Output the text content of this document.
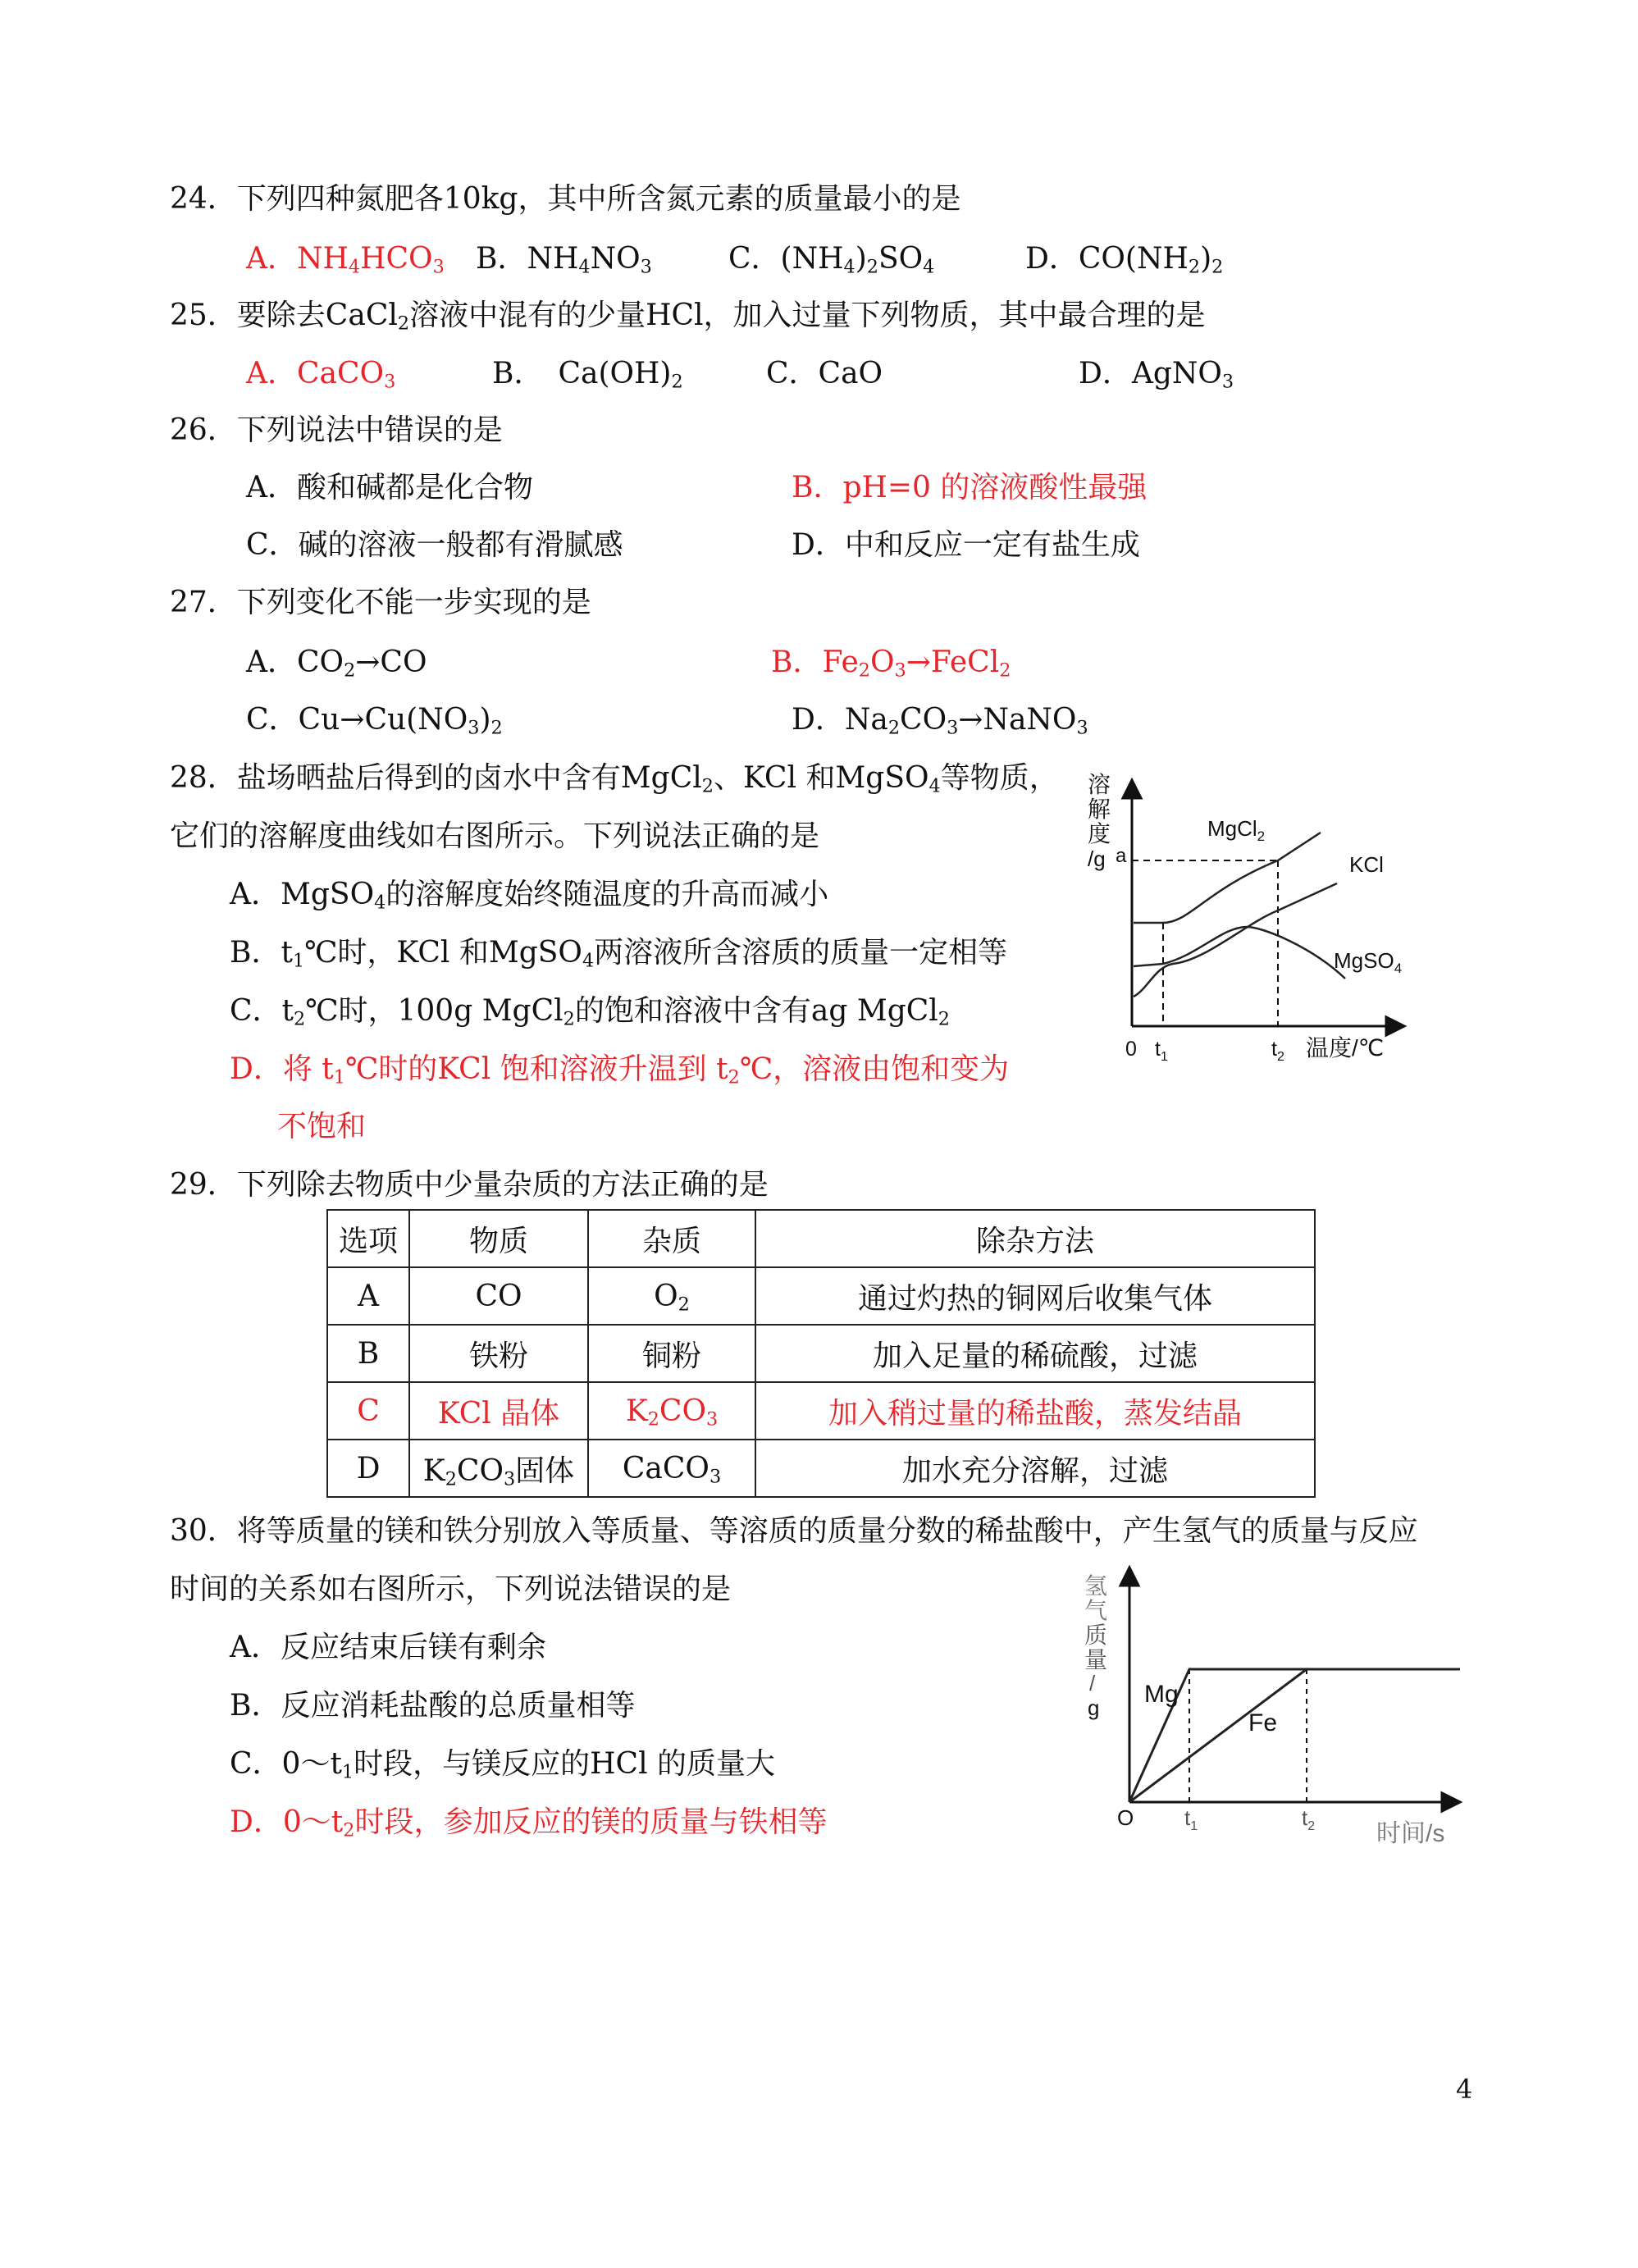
24．下列四种氮肥各10kg，其中所含氮元素的质量最小的是
A．$NH_4HCO_3$ B．$NH_4NO_3$	C．$(NH_4)_2SO_4$	D．$CO(NH_2)_2$
25．要除去CaCl$_2$溶液中混有的少量HCl，加入过量下列物质，其中最合理的是
A．CaCO$_3$	B．　$Ca(OH)_2$	C．CaO	D．AgNO$_3$
26．下列说法中错误的是
A．酸和碱都是化合物	B．pH=0 的溶液酸性最强
C．碱的溶液一般都有滑腻感	D．中和反应一定有盐生成
27．下列变化不能一步实现的是
A．$CO_2\to CO$	B．$Fe_2O_3\to FeCl_2$
C．$Cu\to Cu(NO_3)_2$	D．$Na_2CO_3\to NaNO_3$
28．盐场晒盐后得到的卤水中含有MgCl$_2$、KCl 和MgSO$_4$等物质，
它们的溶解度曲线如右图所示。下列说法正确的是
A．MgSO$_4$的溶解度始终随温度的升高而减小
B．$t_1℃$时，KCl 和MgSO$_4$两溶液所含溶质的质量一定相等
C．$t_2℃$时，100g MgCl$_2$的饱和溶液中含有ag MgCl$_2$
D．将 $t_1℃$时的KCl 饱和溶液升温到 $t_2℃$，溶液由饱和变为
不饱和
溶
解
度
/g a
MgCl$_2$
KCl
MgSO$_4$
0 $t_1$	$t_2$ 温度/℃
29．下列除去物质中少量杂质的方法正确的是
选项	物质	杂质	除杂方法
A	CO	$O_2$	通过灼热的铜网后收集气体
B	铁粉	铜粉	加入足量的稀硫酸，过滤
C	KCl 晶体	$K_2CO_3$	加入稍过量的稀盐酸，蒸发结晶
D	$K_2CO_3$固体	CaCO$_3$	加水充分溶解，过滤
30．将等质量的镁和铁分别放入等质量、等溶质的质量分数的稀盐酸中，产生氢气的质量与反应
时间的关系如右图所示，下列说法错误的是
A．反应结束后镁有剩余
B．反应消耗盐酸的总质量相等
C．$0\sim t_1$时段，与镁反应的HCl 的质量大
D．$0\sim t_2$时段，参加反应的镁的质量与铁相等
氢
气
质
量
/
g Mg
Fe
O $t_1$	$t_2$ 时间/s
4
